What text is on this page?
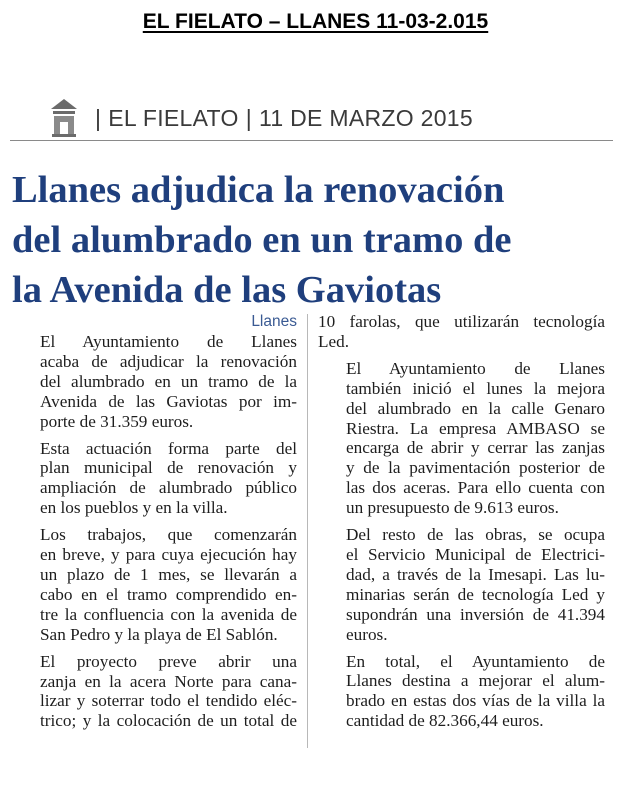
EL FIELATO – LLANES 11-03-2.015
| EL FIELATO | 11 DE MARZO 2015
Llanes adjudica la renovación
del alumbrado en un tramo de
la Avenida de las Gaviotas
Llanes

El Ayuntamiento de Llanes
acaba de adjudicar la renovación
del alumbrado en un tramo de la
Avenida de las Gaviotas por im-
porte de 31.359 euros.

Esta actuación forma parte del
plan municipal de renovación y
ampliación de alumbrado público
en los pueblos y en la villa.

Los trabajos, que comenzarán
en breve, y para cuya ejecución hay
un plazo de 1 mes, se llevarán a
cabo en el tramo comprendido en-
tre la confluencia con la avenida de
San Pedro y la playa de El Sablón.

El proyecto preve abrir una
zanja en la acera Norte para cana-
lizar y soterrar todo el tendido eléc-
trico; y la colocación de un total de

10 farolas, que utilizarán tecnología
Led.

El Ayuntamiento de Llanes
también inició el lunes la mejora
del alumbrado en la calle Genaro
Riestra. La empresa AMBASO se
encarga de abrir y cerrar las zanjas
y de la pavimentación posterior de
las dos aceras. Para ello cuenta con
un presupuesto de 9.613 euros.

Del resto de las obras, se ocupa
el Servicio Municipal de Electrici-
dad, a través de la Imesapi. Las lu-
minarias serán de tecnología Led y
supondrán una inversión de 41.394
euros.

En total, el Ayuntamiento de
Llanes destina a mejorar el alum-
brado en estas dos vías de la villa la
cantidad de 82.366,44 euros.
